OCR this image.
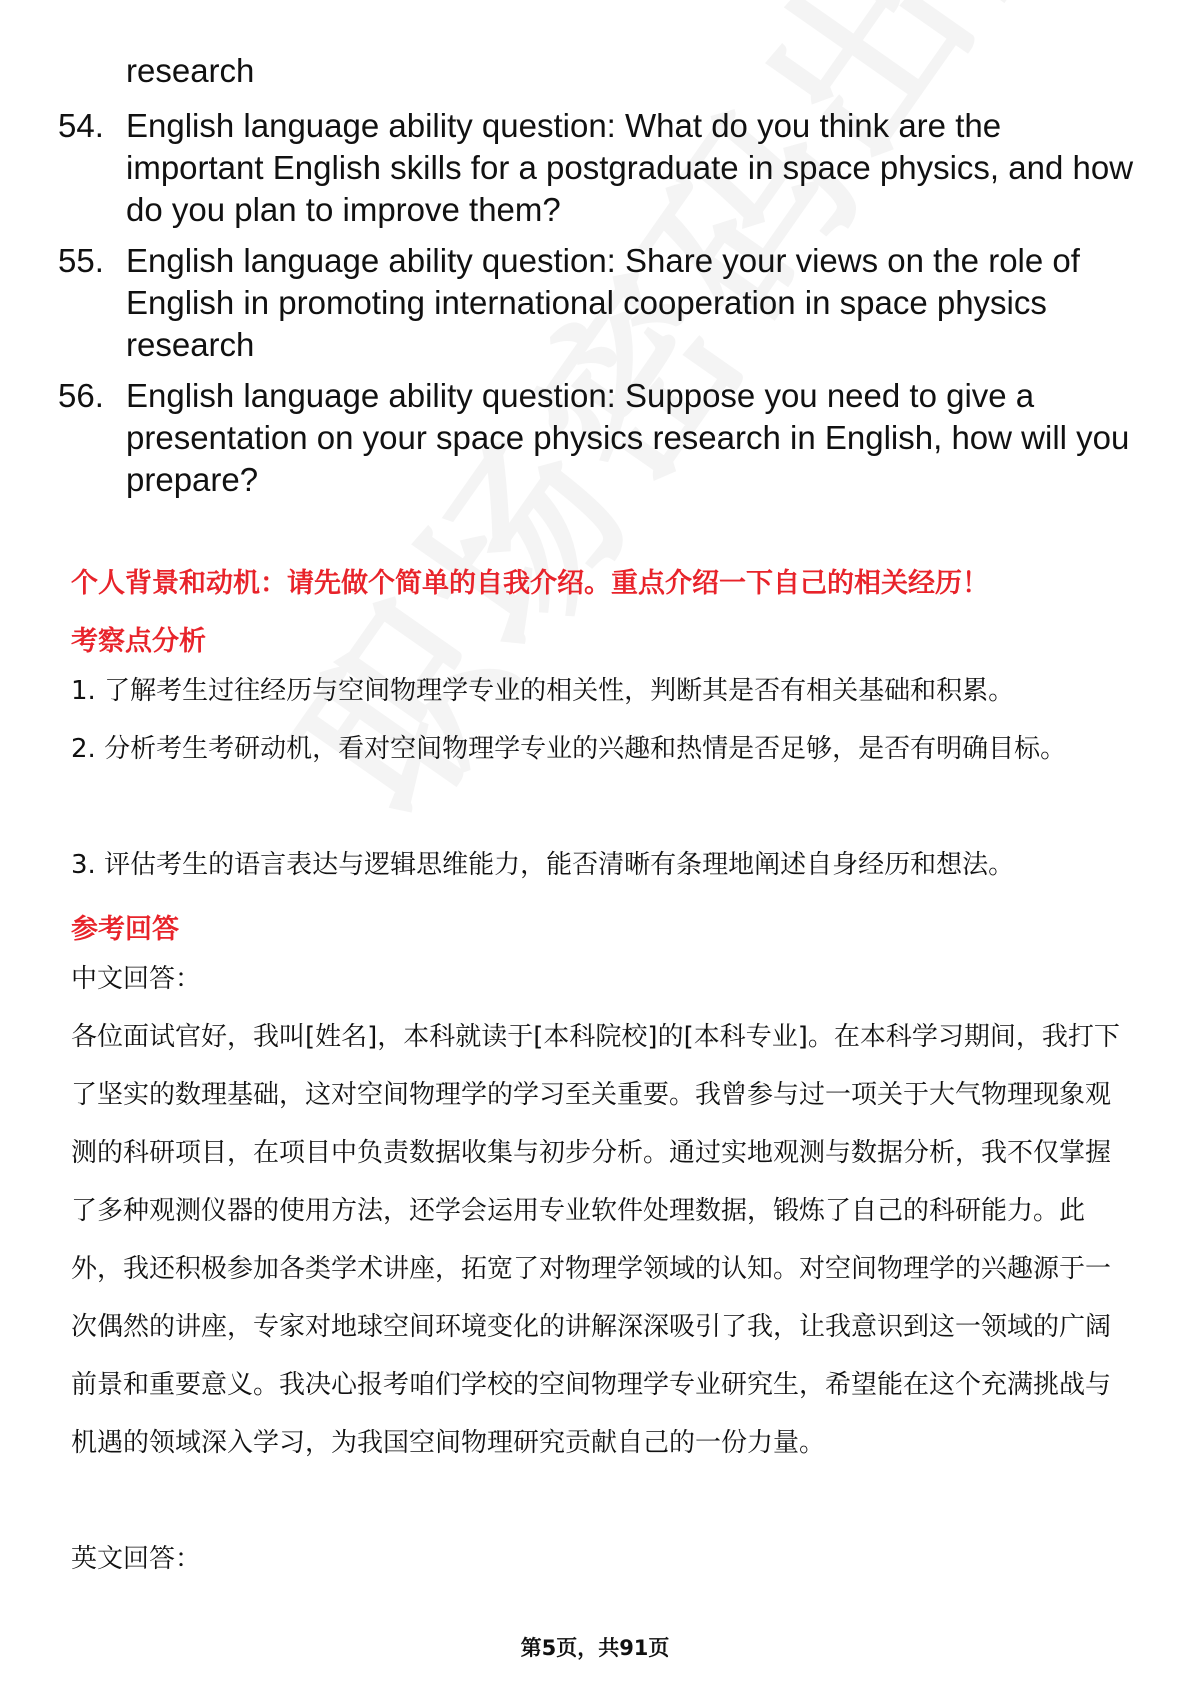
research
54. English language ability question: What do you think are the important English skills for a postgraduate in space physics, and how do you plan to improve them?
55. English language ability question: Share your views on the role of English in promoting international cooperation in space physics research
56. English language ability question: Suppose you need to give a presentation on your space physics research in English, how will you prepare?
个人背景和动机：请先做个简单的自我介绍。重点介绍一下自己的相关经历！
考察点分析

1. 了解考生过往经历与空间物理学专业的相关性，判断其是否有相关基础和积累。

2. 分析考生考研动机，看对空间物理学专业的兴趣和热情是否足够，是否有明确目标。

3. 评估考生的语言表达与逻辑思维能力，能否清晰有条理地阐述自身经历和想法。

参考回答

中文回答：

各位面试官好，我叫[姓名]，本科就读于[本科院校]的[本科专业]。在本科学习期间，我打下了坚实的数理基础，这对空间物理学的学习至关重要。我曾参与过一项关于大气物理现象观测的科研项目，在项目中负责数据收集与初步分析。通过实地观测与数据分析，我不仅掌握了多种观测仪器的使用方法，还学会运用专业软件处理数据，锻炼了自己的科研能力。此外，我还积极参加各类学术讲座，拓宽了对物理学领域的认知。对空间物理学的兴趣源于一次偶然的讲座，专家对地球空间环境变化的讲解深深吸引了我，让我意识到这一领域的广阔前景和重要意义。我决心报考咱们学校的空间物理学专业研究生，希望能在这个充满挑战与机遇的领域深入学习，为我国空间物理研究贡献自己的一份力量。

英文回答：

第5页，共91页
